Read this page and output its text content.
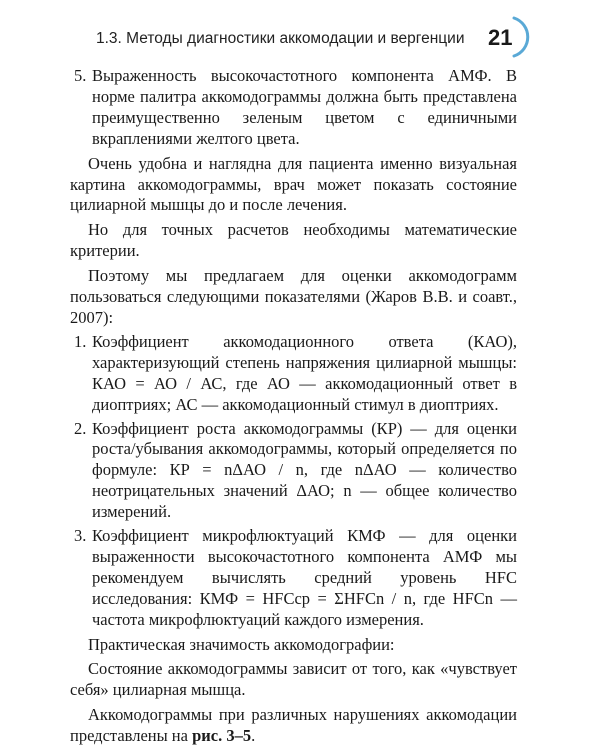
1.3. Методы диагностики аккомодации и вергенции 21
5. Выраженность высокочастотного компонента АМФ. В норме палитра аккомодограммы должна быть представлена преимущественно зеленым цветом с единичными вкраплениями желтого цвета.

Очень удобна и наглядна для пациента именно визуальная картина аккомодограммы, врач может показать состояние цилиарной мышцы до и после лечения.

Но для точных расчетов необходимы математические критерии.

Поэтому мы предлагаем для оценки аккомодограмм пользоваться следующими показателями (Жаров В.В. и соавт., 2007):

1. Коэффициент аккомодационного ответа (КАО), характеризующий степень напряжения цилиарной мышцы: КАО = АО / АС, где АО — аккомодационный ответ в диоптриях; АС — аккомодационный стимул в диоптриях.

2. Коэффициент роста аккомодограммы (КР) — для оценки роста/убывания аккомодограммы, который определяется по формуле: КР = nΔАО / n, где nΔАО — количество неотрицательных значений ΔАО; n — общее количество измерений.

3. Коэффициент микрофлюктуаций КМФ — для оценки выраженности высокочастотного компонента АМФ мы рекомендуем вычислять средний уровень HFC исследования: КМФ = HFCср = ΣHFCn / n, где HFCn — частота микрофлюктуаций каждого измерения.

Практическая значимость аккомодографии:

Состояние аккомодограммы зависит от того, как «чувствует себя» цилиарная мышца.

Аккомодограммы при различных нарушениях аккомодации представлены на рис. 3–5.
